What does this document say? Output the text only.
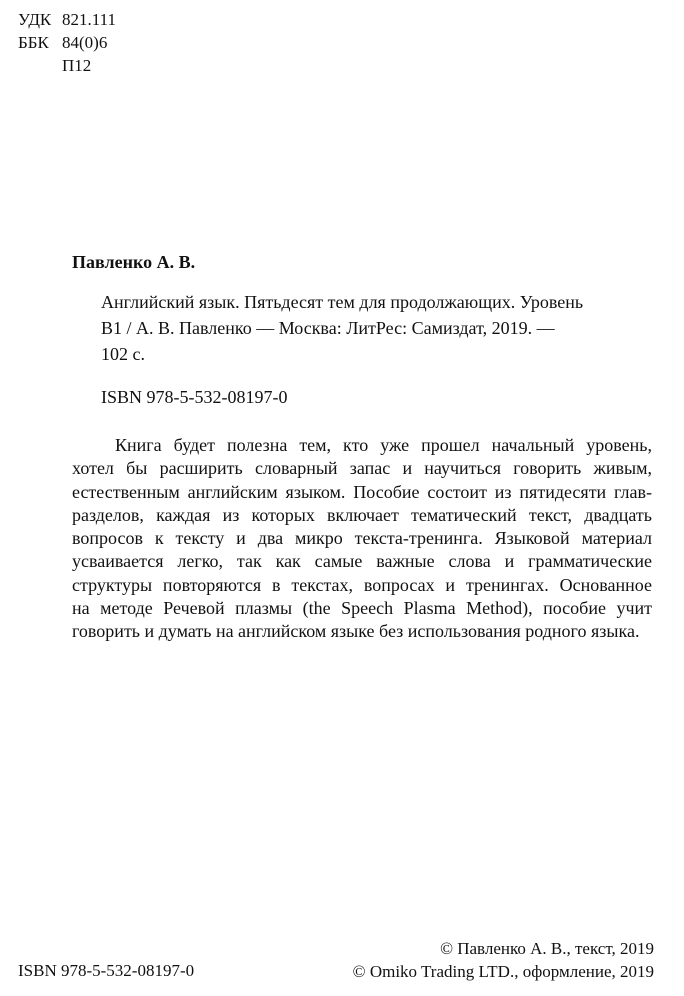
УДК 821.111
ББК 84(0)6
П12
Павленко А. В.
Английский язык. Пятьдесят тем для продолжающих. Уровень
B1 / А. В. Павленко — Москва: ЛитРес: Самиздат, 2019. —
102 с.
ISBN 978-5-532-08197-0
Книга будет полезна тем, кто уже прошел начальный уровень,
хотел бы расширить словарный запас и научиться говорить живым,
естественным английским языком. Пособие состоит из пятидесяти глав-
разделов, каждая из которых включает тематический текст, двадцать
вопросов к тексту и два микро текста-тренинга. Языковой материал
усваивается легко, так как самые важные слова и грамматические
структуры повторяются в текстах, вопросах и тренингах. Основанное
на методе Речевой плазмы (the Speech Plasma Method), пособие учит
говорить и думать на английском языке без использования родного языка.
ISBN 978-5-532-08197-0
© Павленко А. В., текст, 2019
© Omiko Trading LTD., оформление, 2019
